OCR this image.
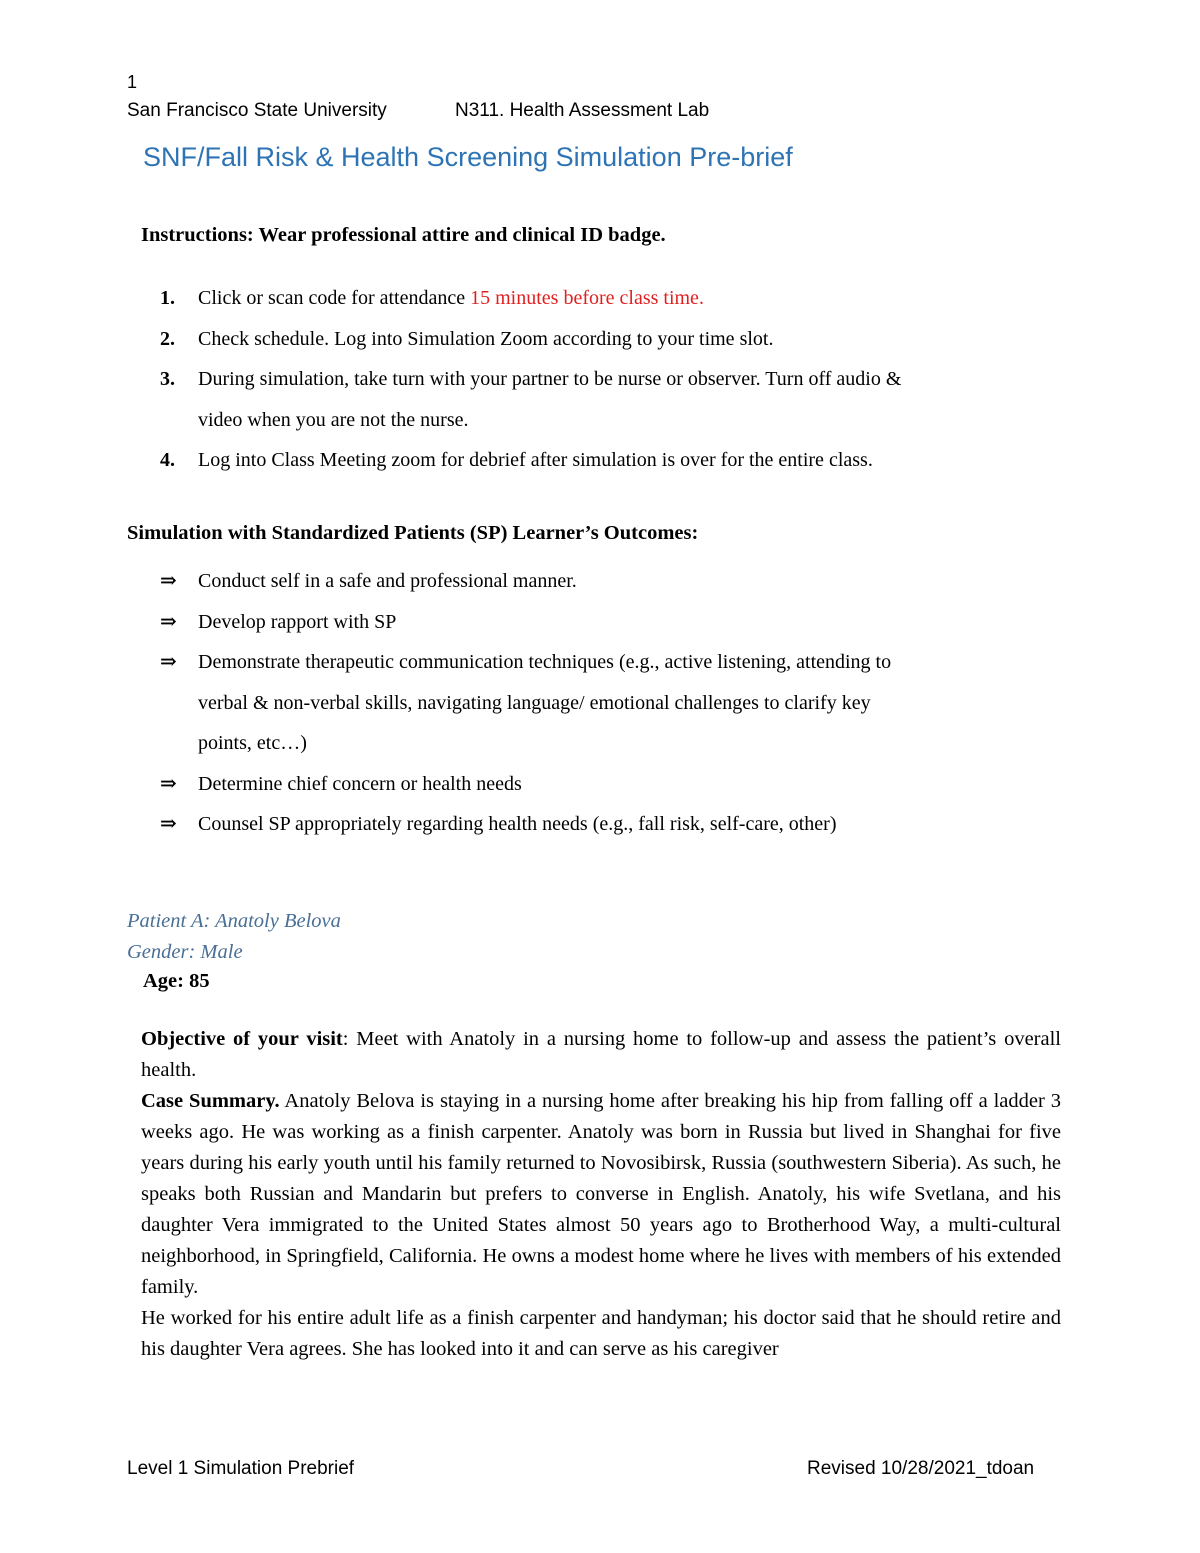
1
San Francisco State University	N311. Health Assessment Lab
SNF/Fall Risk & Health Screening Simulation Pre-brief
Instructions: Wear professional attire and clinical ID badge.
1. Click or scan code for attendance 15 minutes before class time.
2. Check schedule. Log into Simulation Zoom according to your time slot.
3. During simulation, take turn with your partner to be nurse or observer. Turn off audio &
video when you are not the nurse.
4. Log into Class Meeting zoom for debrief after simulation is over for the entire class.
Simulation with Standardized Patients (SP) Learner’s Outcomes:
⇒ Conduct self in a safe and professional manner.
⇒ Develop rapport with SP
⇒ Demonstrate therapeutic communication techniques (e.g., active listening, attending to
verbal & non-verbal skills, navigating language/ emotional challenges to clarify key
points, etc…)
⇒ Determine chief concern or health needs
⇒ Counsel SP appropriately regarding health needs (e.g., fall risk, self-care, other)
Patient A: Anatoly Belova
Gender: Male
Age: 85

Objective of your visit: Meet with Anatoly in a nursing home to follow-up and assess the patient’s overall health.

Case Summary. Anatoly Belova is staying in a nursing home after breaking his hip from falling off a ladder 3 weeks ago. He was working as a finish carpenter. Anatoly was born in Russia but lived in Shanghai for five years during his early youth until his family returned to Novosibirsk, Russia (southwestern Siberia). As such, he speaks both Russian and Mandarin but prefers to converse in English. Anatoly, his wife Svetlana, and his daughter Vera immigrated to the United States almost 50 years ago to Brotherhood Way, a multi-cultural neighborhood, in Springfield, California. He owns a modest home where he lives with members of his extended family.

He worked for his entire adult life as a finish carpenter and handyman; his doctor said that he should retire and his daughter Vera agrees. She has looked into it and can serve as his caregiver

Level 1 Simulation Prebrief	Revised 10/28/2021_tdoan
